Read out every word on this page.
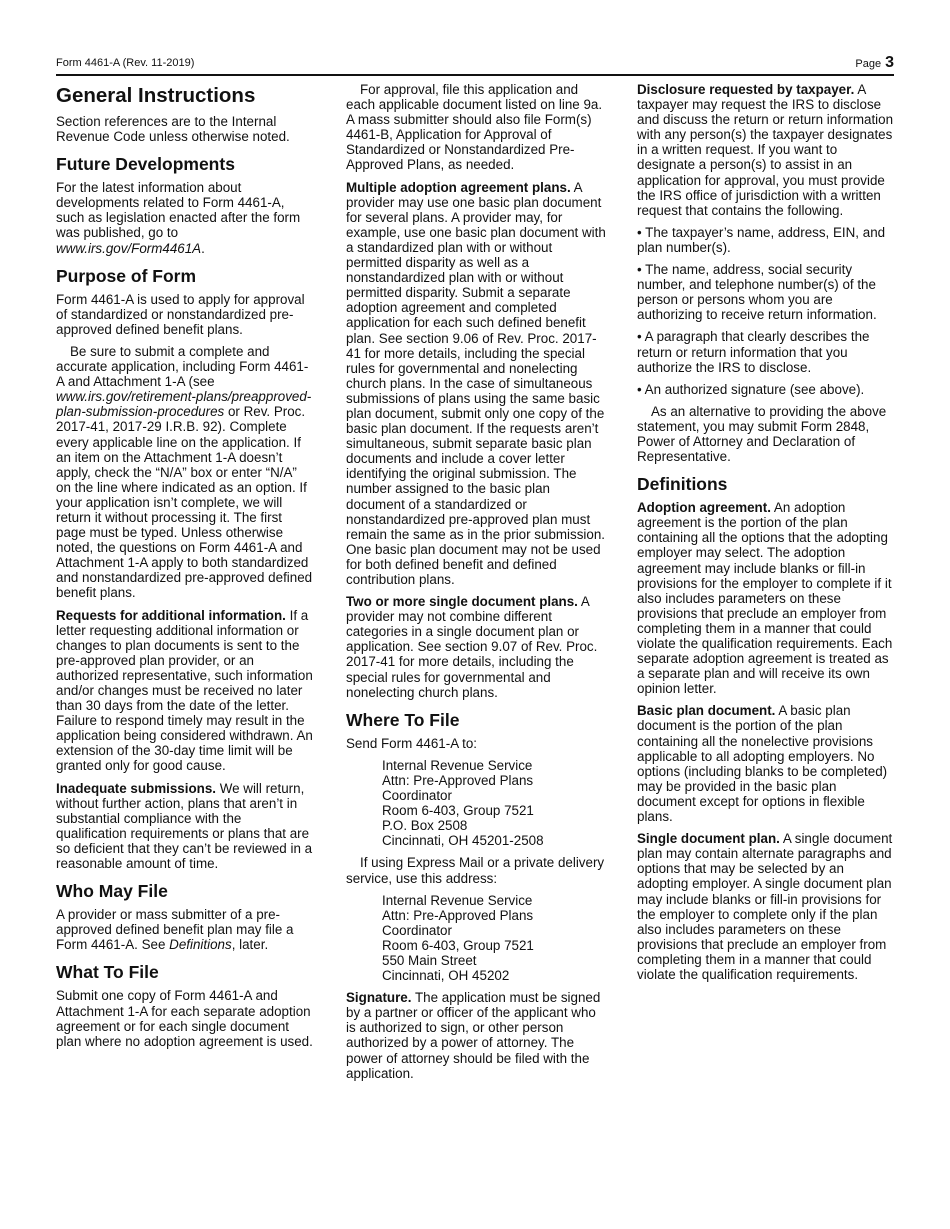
Form 4461-A (Rev. 11-2019)	Page 3
General Instructions

Section references are to the Internal Revenue Code unless otherwise noted.

Future Developments

For the latest information about developments related to Form 4461-A, such as legislation enacted after the form was published, go to www.irs.gov/Form4461A.

Purpose of Form

Form 4461-A is used to apply for approval of standardized or nonstandardized pre-approved defined benefit plans.

Be sure to submit a complete and accurate application, including Form 4461-A and Attachment 1-A (see www.irs.gov/retirement-plans/preapproved-plan-submission-procedures or Rev. Proc. 2017-41, 2017-29 I.R.B. 92). Complete every applicable line on the application. If an item on the Attachment 1-A doesn’t apply, check the “N/A” box or enter “N/A” on the line where indicated as an option. If your application isn’t complete, we will return it without processing it. The first page must be typed. Unless otherwise noted, the questions on Form 4461-A and Attachment 1-A apply to both standardized and nonstandardized pre-approved defined benefit plans.

Requests for additional information. If a letter requesting additional information or changes to plan documents is sent to the pre-approved plan provider, or an authorized representative, such information and/or changes must be received no later than 30 days from the date of the letter. Failure to respond timely may result in the application being considered withdrawn. An extension of the 30-day time limit will be granted only for good cause.

Inadequate submissions. We will return, without further action, plans that aren’t in substantial compliance with the qualification requirements or plans that are so deficient that they can’t be reviewed in a reasonable amount of time.

Who May File

A provider or mass submitter of a pre-approved defined benefit plan may file a Form 4461-A. See Definitions, later.

What To File

Submit one copy of Form 4461-A and Attachment 1-A for each separate adoption agreement or for each single document plan where no adoption agreement is used.

For approval, file this application and each applicable document listed on line 9a. A mass submitter should also file Form(s) 4461-B, Application for Approval of Standardized or Nonstandardized Pre-Approved Plans, as needed.

Multiple adoption agreement plans. A provider may use one basic plan document for several plans. A provider may, for example, use one basic plan document with a standardized plan with or without permitted disparity as well as a nonstandardized plan with or without permitted disparity. Submit a separate adoption agreement and completed application for each such defined benefit plan. See section 9.06 of Rev. Proc. 2017-41 for more details, including the special rules for governmental and nonelecting church plans. In the case of simultaneous submissions of plans using the same basic plan document, submit only one copy of the basic plan document. If the requests aren’t simultaneous, submit separate basic plan documents and include a cover letter identifying the original submission. The number assigned to the basic plan document of a standardized or nonstandardized pre-approved plan must remain the same as in the prior submission. One basic plan document may not be used for both defined benefit and defined contribution plans.

Two or more single document plans. A provider may not combine different categories in a single document plan or application. See section 9.07 of Rev. Proc. 2017-41 for more details, including the special rules for governmental and nonelecting church plans.

Where To File

Send Form 4461-A to:

Internal Revenue Service
Attn: Pre-Approved Plans
Coordinator
Room 6-403, Group 7521
P.O. Box 2508
Cincinnati, OH 45201-2508

If using Express Mail or a private delivery service, use this address:

Internal Revenue Service
Attn: Pre-Approved Plans
Coordinator
Room 6-403, Group 7521
550 Main Street
Cincinnati, OH 45202

Signature. The application must be signed by a partner or officer of the applicant who is authorized to sign, or other person authorized by a power of attorney. The power of attorney should be filed with the application.

Disclosure requested by taxpayer. A taxpayer may request the IRS to disclose and discuss the return or return information with any person(s) the taxpayer designates in a written request. If you want to designate a person(s) to assist in an application for approval, you must provide the IRS office of jurisdiction with a written request that contains the following.

• The taxpayer’s name, address, EIN, and plan number(s).

• The name, address, social security number, and telephone number(s) of the person or persons whom you are authorizing to receive return information.

• A paragraph that clearly describes the return or return information that you authorize the IRS to disclose.

• An authorized signature (see above).

As an alternative to providing the above statement, you may submit Form 2848, Power of Attorney and Declaration of Representative.

Definitions

Adoption agreement. An adoption agreement is the portion of the plan containing all the options that the adopting employer may select. The adoption agreement may include blanks or fill-in provisions for the employer to complete if it also includes parameters on these provisions that preclude an employer from completing them in a manner that could violate the qualification requirements. Each separate adoption agreement is treated as a separate plan and will receive its own opinion letter.

Basic plan document. A basic plan document is the portion of the plan containing all the nonelective provisions applicable to all adopting employers. No options (including blanks to be completed) may be provided in the basic plan document except for options in flexible plans.

Single document plan. A single document plan may contain alternate paragraphs and options that may be selected by an adopting employer. A single document plan may include blanks or fill-in provisions for the employer to complete only if the plan also includes parameters on these provisions that preclude an employer from completing them in a manner that could violate the qualification requirements.
